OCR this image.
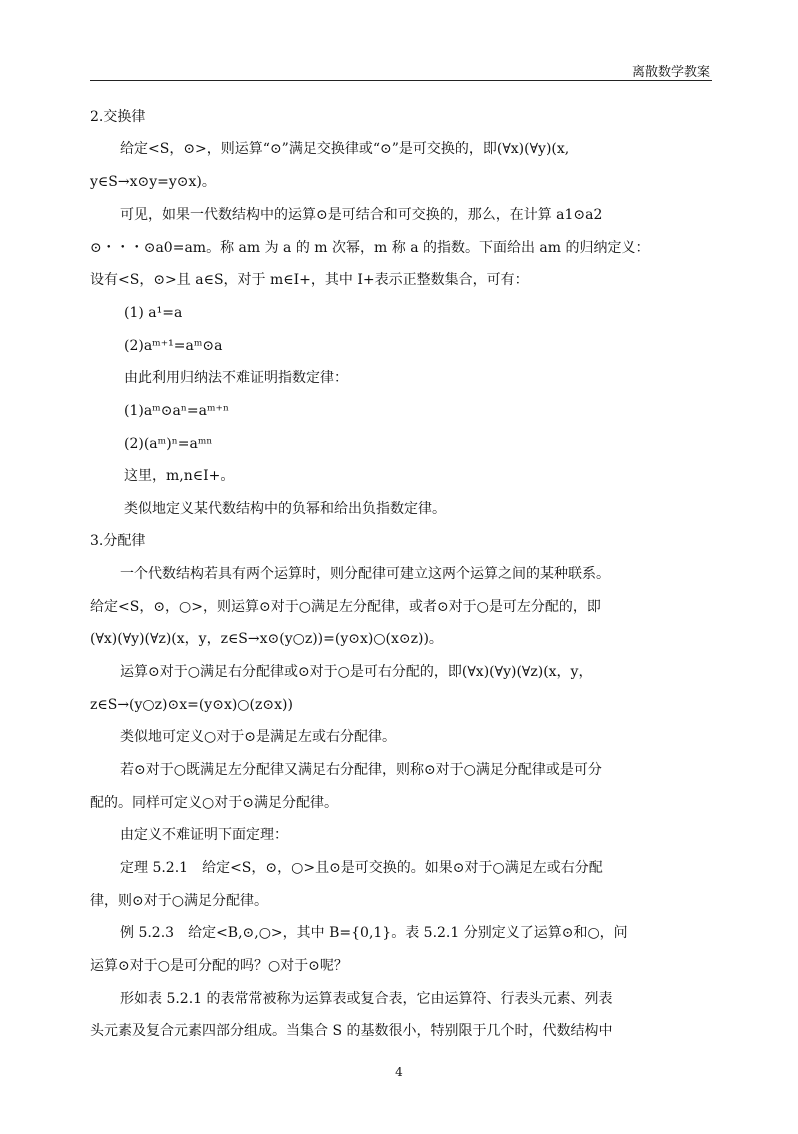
离散数学教案
2.交换律
给定<S，⊙>，则运算“⊙”满足交换律或“⊙”是可交换的，即(∀x)(∀y)(x,
y∈S→x⊙y=y⊙x)。
可见，如果一代数结构中的运算⊙是可结合和可交换的，那么，在计算 a1⊙a2
⊙・・・⊙a0=am。称 am 为 a 的 m 次幂，m 称 a 的指数。下面给出 am 的归纳定义：
设有<S，⊙>且 a∈S，对于 m∈I+，其中 I+表示正整数集合，可有：
(1) a¹=a
(2)aᵐ⁺¹=aᵐ⊙a
由此利用归纳法不难证明指数定律：
(1)aᵐ⊙aⁿ=aᵐ⁺ⁿ
(2)(aᵐ)ⁿ=aᵐⁿ
这里，m,n∈I+。
类似地定义某代数结构中的负幂和给出负指数定律。
3.分配律
一个代数结构若具有两个运算时，则分配律可建立这两个运算之间的某种联系。
给定<S，⊙，○>，则运算⊙对于○满足左分配律，或者⊙对于○是可左分配的，即
(∀x)(∀y)(∀z)(x，y，z∈S→x⊙(y○z))=(y⊙x)○(x⊙z))。
运算⊙对于○满足右分配律或⊙对于○是可右分配的，即(∀x)(∀y)(∀z)(x，y，
z∈S→(y○z)⊙x=(y⊙x)○(z⊙x))
类似地可定义○对于⊙是满足左或右分配律。
若⊙对于○既满足左分配律又满足右分配律，则称⊙对于○满足分配律或是可分
配的。同样可定义○对于⊙满足分配律。
由定义不难证明下面定理：
定理 5.2.1　给定<S，⊙，○>且⊙是可交换的。如果⊙对于○满足左或右分配
律，则⊙对于○满足分配律。
例 5.2.3　给定<B,⊙,○>，其中 B={0,1}。表 5.2.1 分别定义了运算⊙和○，问
运算⊙对于○是可分配的吗？○对于⊙呢？
形如表 5.2.1 的表常常被称为运算表或复合表，它由运算符、行表头元素、列表
头元素及复合元素四部分组成。当集合 S 的基数很小，特别限于几个时，代数结构中
4
